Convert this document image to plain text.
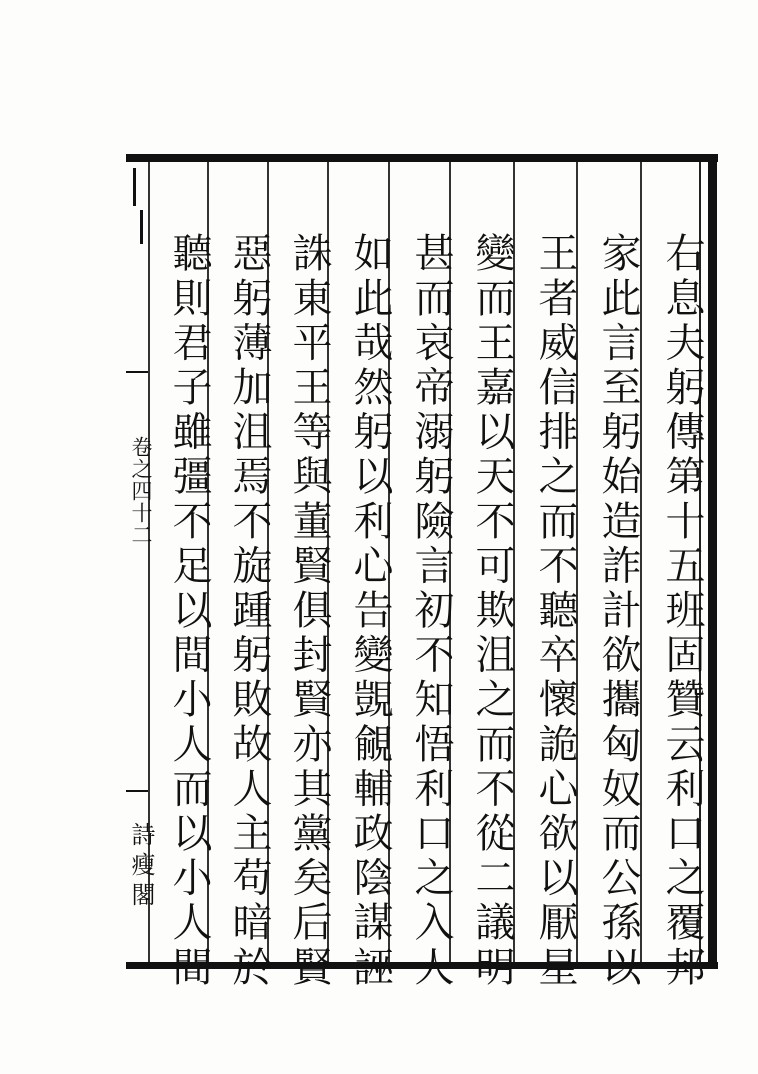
卷之四十二
詩瘦閣	右息夫躬傳第十五班固贊云利口之覆邦

家此言至躬始造詐計欲攜匈奴而公孫以

王者威信排之而不聽卒懷詭心欲以厭星

變而王嘉以天不可欺沮之而不從二議明

甚而哀帝溺躬險言初不知悟利口之入人

如此哉然躬以利心告變覬覦輔政陰謀誣

誅東平王等與董賢俱封賢亦其黨矣后賢

惡躬薄加沮焉不旋踵躬敗故人主苟暗於

聽則君子雖彊不足以間小人而以小人間
